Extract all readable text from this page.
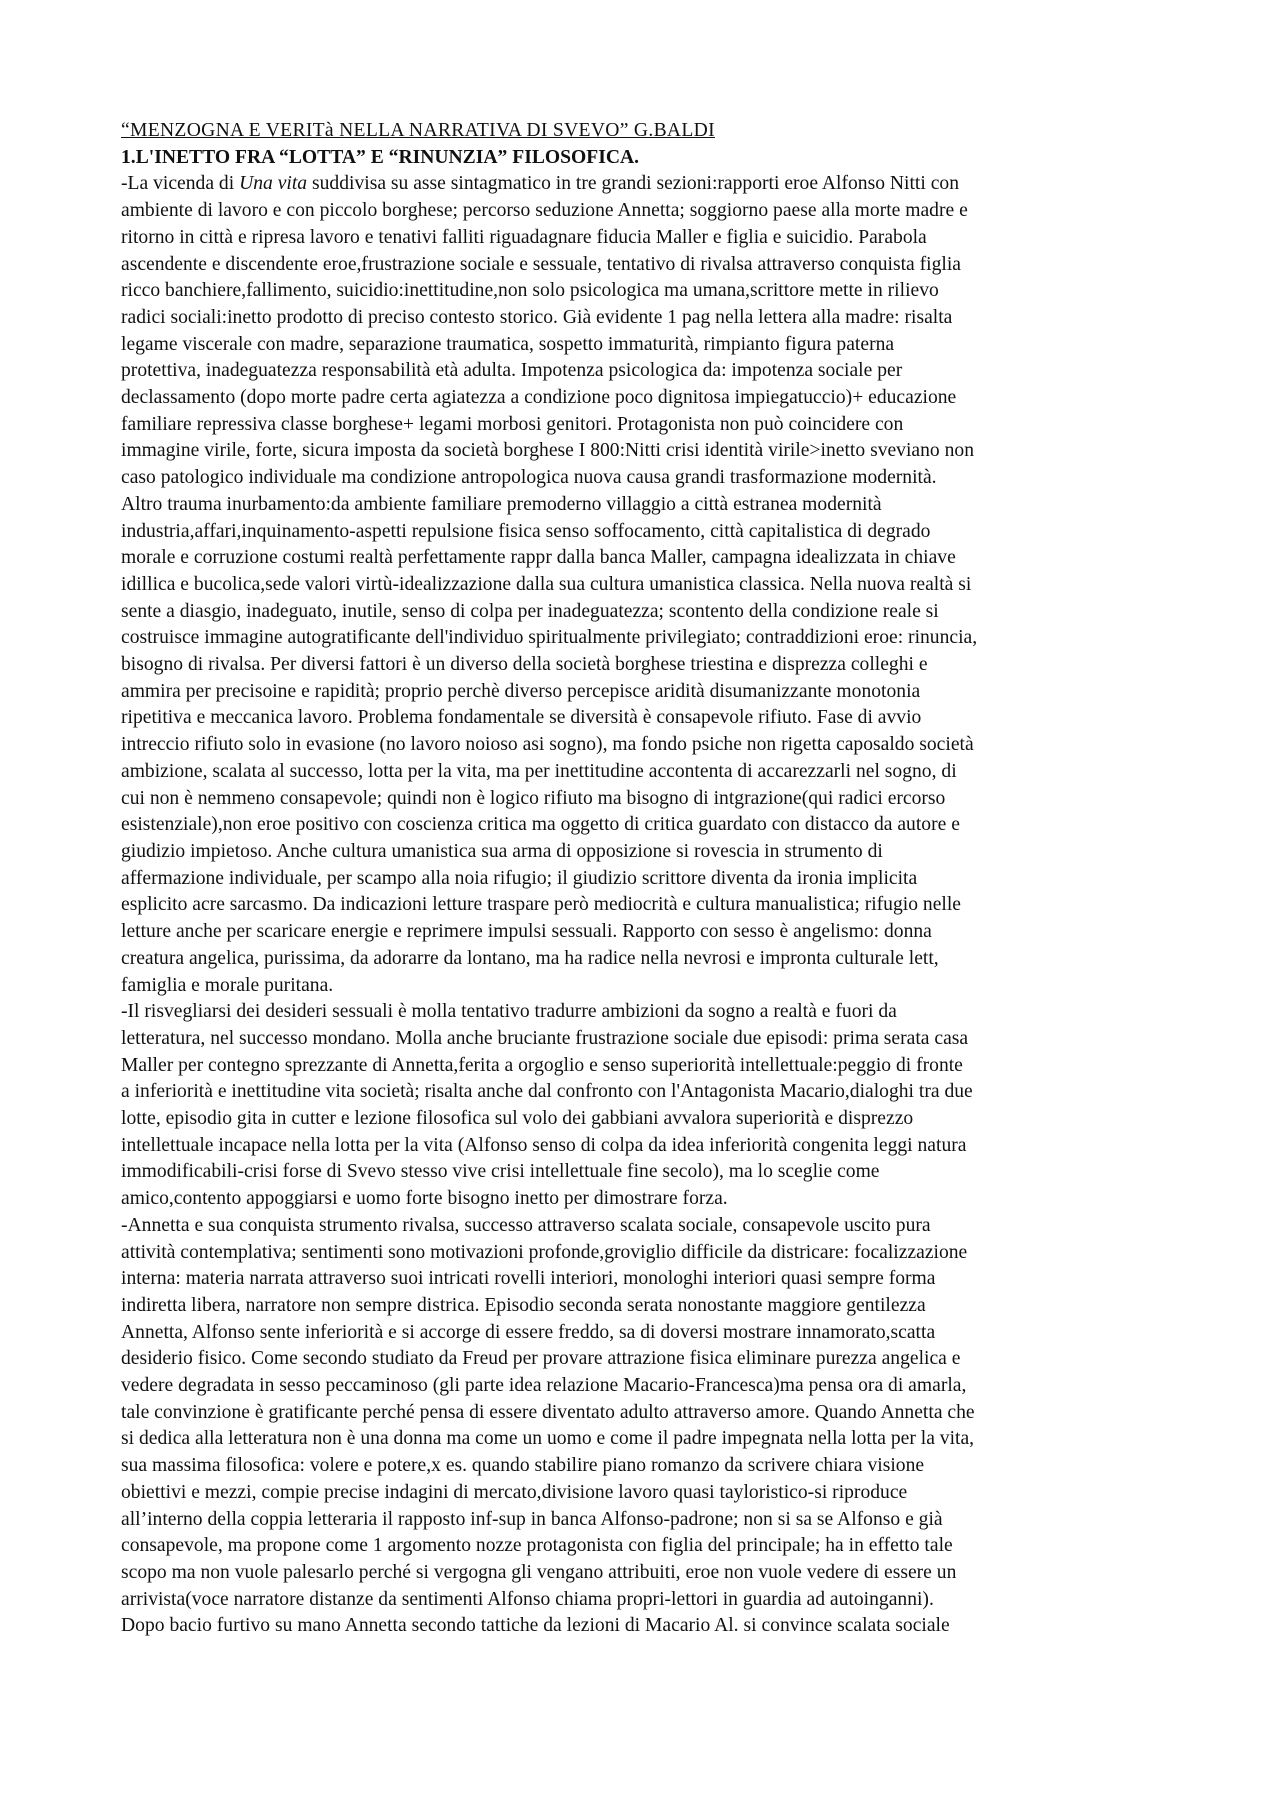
“MENZOGNA E VERITà NELLA NARRATIVA DI SVEVO” G.BALDI
1.L'INETTO FRA “LOTTA” E “RINUNZIA” FILOSOFICA.
-La vicenda di Una vita suddivisa su asse sintagmatico in tre grandi sezioni:rapporti eroe Alfonso Nitti con
ambiente di lavoro e con piccolo borghese; percorso seduzione Annetta; soggiorno paese alla morte madre e
ritorno in città e ripresa lavoro e tenativi falliti riguadagnare fiducia Maller e figlia e suicidio. Parabola
ascendente e discendente eroe,frustrazione sociale e sessuale, tentativo di rivalsa attraverso conquista figlia
ricco banchiere,fallimento, suicidio:inettitudine,non solo psicologica ma umana,scrittore mette in rilievo
radici sociali:inetto prodotto di preciso contesto storico. Già evidente 1 pag nella lettera alla madre: risalta
legame viscerale con madre, separazione traumatica, sospetto immaturità, rimpianto figura paterna
protettiva, inadeguatezza responsabilità età adulta. Impotenza psicologica da: impotenza sociale per
declassamento (dopo morte padre certa agiatezza a condizione poco dignitosa impiegatuccio)+ educazione
familiare repressiva classe borghese+ legami morbosi genitori. Protagonista non può coincidere con
immagine virile, forte, sicura imposta da società borghese I 800:Nitti crisi identità virile>inetto sveviano non
caso patologico individuale ma condizione antropologica nuova causa grandi trasformazione modernità.
Altro trauma inurbamento:da ambiente familiare premoderno villaggio a città estranea modernità
industria,affari,inquinamento-aspetti repulsione fisica senso soffocamento, città capitalistica di degrado
morale e corruzione costumi realtà perfettamente rappr dalla banca Maller, campagna idealizzata in chiave
idillica e bucolica,sede valori virtù-idealizzazione dalla sua cultura umanistica classica. Nella nuova realtà si
sente a diasgio, inadeguato, inutile, senso di colpa per inadeguatezza; scontento della condizione reale si
costruisce immagine autogratificante dell'individuo spiritualmente privilegiato; contraddizioni eroe: rinuncia,
bisogno di rivalsa. Per diversi fattori è un diverso della società borghese triestina e disprezza colleghi e
ammira per precisoine e rapidità; proprio perchè diverso percepisce aridità disumanizzante monotonia
ripetitiva e meccanica lavoro. Problema fondamentale se diversità è consapevole rifiuto. Fase di avvio
intreccio rifiuto solo in evasione (no lavoro noioso asi sogno), ma fondo psiche non rigetta caposaldo società
ambizione, scalata al successo, lotta per la vita, ma per inettitudine accontenta di accarezzarli nel sogno, di
cui non è nemmeno consapevole; quindi non è logico rifiuto ma bisogno di intgrazione(qui radici ercorso
esistenziale),non eroe positivo con coscienza critica ma oggetto di critica guardato con distacco da autore e
giudizio impietoso. Anche cultura umanistica sua arma di opposizione si rovescia in strumento di
affermazione individuale, per scampo alla noia rifugio; il giudizio scrittore diventa da ironia implicita
esplicito acre sarcasmo. Da indicazioni letture traspare però mediocrità e cultura manualistica; rifugio nelle
letture anche per scaricare energie e reprimere impulsi sessuali. Rapporto con sesso è angelismo: donna
creatura angelica, purissima, da adorarre da lontano, ma ha radice nella nevrosi e impronta culturale lett,
famiglia e morale puritana.
-Il risvegliarsi dei desideri sessuali è molla tentativo tradurre ambizioni da sogno a realtà e fuori da
letteratura, nel successo mondano. Molla anche bruciante frustrazione sociale due episodi: prima serata casa
Maller per contegno sprezzante di Annetta,ferita a orgoglio e senso superiorità intellettuale:peggio di fronte
a inferiorità e inettitudine vita società; risalta anche dal confronto con l'Antagonista Macario,dialoghi tra due
lotte, episodio gita in cutter e lezione filosofica sul volo dei gabbiani avvalora superiorità e disprezzo
intellettuale incapace nella lotta per la vita (Alfonso senso di colpa da idea inferiorità congenita leggi natura
immodificabili-crisi forse di Svevo stesso vive crisi intellettuale fine secolo), ma lo sceglie come
amico,contento appoggiarsi e uomo forte bisogno inetto per dimostrare forza.
-Annetta e sua conquista strumento rivalsa, successo attraverso scalata sociale, consapevole uscito pura
attività contemplativa; sentimenti sono motivazioni profonde,groviglio difficile da districare: focalizzazione
interna: materia narrata attraverso suoi intricati rovelli interiori, monologhi interiori quasi sempre forma
indiretta libera, narratore non sempre districa. Episodio seconda serata nonostante maggiore gentilezza
Annetta, Alfonso sente inferiorità e si accorge di essere freddo, sa di doversi mostrare innamorato,scatta
desiderio fisico. Come secondo studiato da Freud per provare attrazione fisica eliminare purezza angelica e
vedere degradata in sesso peccaminoso (gli parte idea relazione Macario-Francesca)ma pensa ora di amarla,
tale convinzione è gratificante perché pensa di essere diventato adulto attraverso amore. Quando Annetta che
si dedica alla letteratura non è una donna ma come un uomo e come il padre impegnata nella lotta per la vita,
sua massima filosofica: volere e potere,x es. quando stabilire piano romanzo da scrivere chiara visione
obiettivi e mezzi, compie precise indagini di mercato,divisione lavoro quasi tayloristico-si riproduce
all’interno della coppia letteraria il rapposto inf-sup in banca Alfonso-padrone; non si sa se Alfonso e già
consapevole, ma propone come 1 argomento nozze protagonista con figlia del principale; ha in effetto tale
scopo ma non vuole palesarlo perché si vergogna gli vengano attribuiti, eroe non vuole vedere di essere un
arrivista(voce narratore distanze da sentimenti Alfonso chiama propri-lettori in guardia ad autoinganni).
Dopo bacio furtivo su mano Annetta secondo tattiche da lezioni di Macario Al. si convince scalata sociale
